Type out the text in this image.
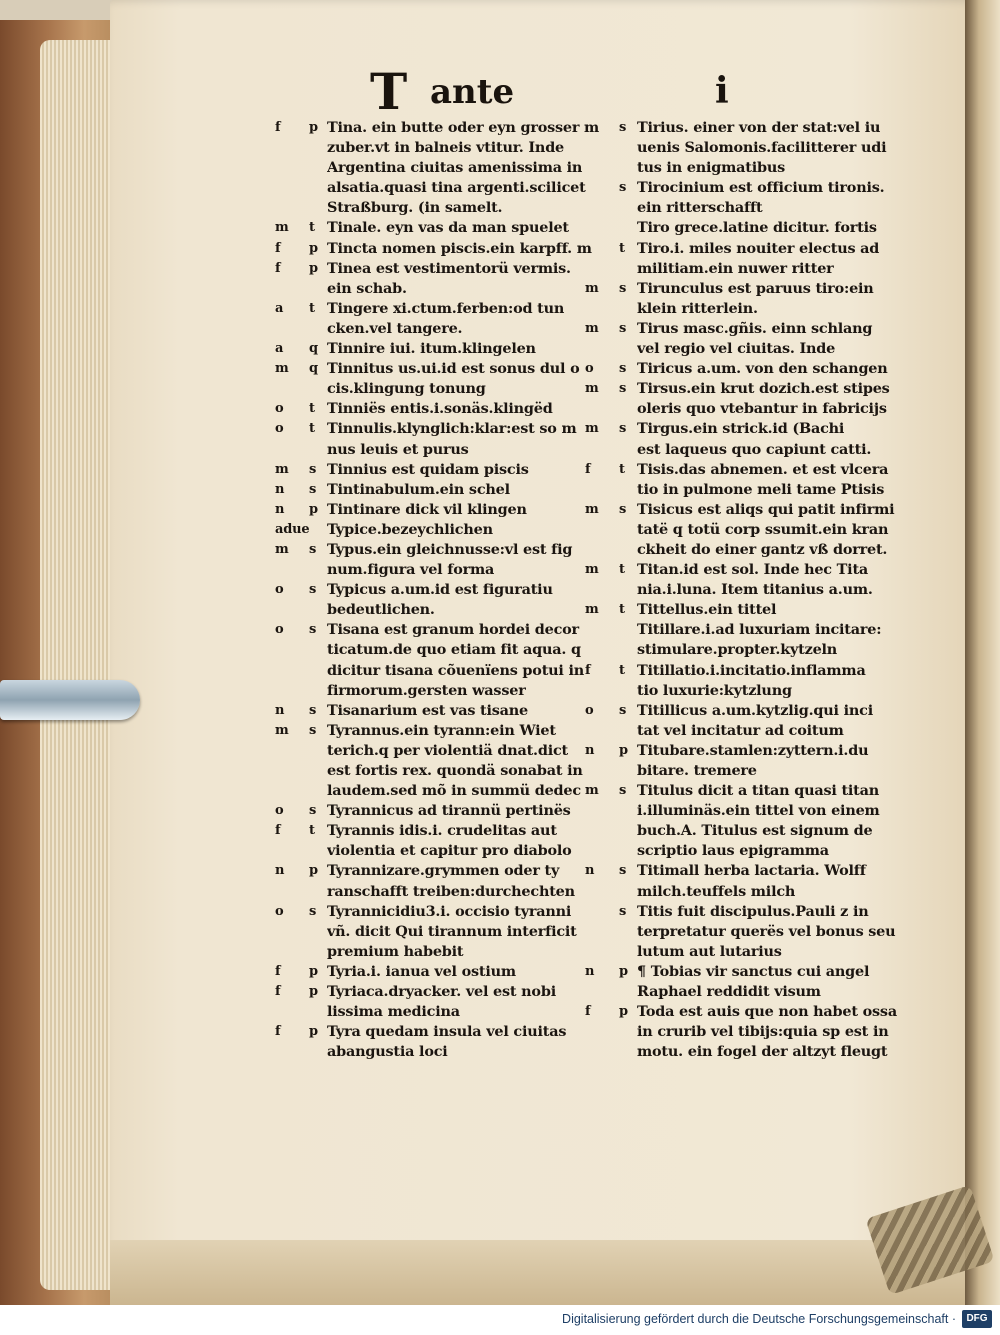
T ante	i
f p Tina. ein butte oder eyn grosser m
zuber.vt in balneis vtitur. Inde
Argentina ciuitas amenissima in
alsatia.quasi tina argenti.scilicet
Straßburg. (in samelt.
m t Tinale. eyn vas da man spuelet
f p Tincta nomen piscis.ein karpff. m
f p Tinea est vestimentorü vermis.
ein schab.
a t Tingere xi.ctum.ferben:od tun
cken.vel tangere.
a q Tinnire iui. itum.klingelen
m q Tinnitus us.ui.id est sonus dul o
cis.klingung tonung
o t Tinniës entis.i.sonäs.klingëd
o t Tinnulis.klynglich:klar:est so m
nus leuis et purus
m s Tinnius est quidam piscis
n s Tintinabulum.ein schel
n p Tintinare dick vil klingen
adue Typice.bezeychlichen
m s Typus.ein gleichnusse:vl est fig
num.figura vel forma
o s Typicus a.um.id est figuratiu
bedeutlichen.
o s Tisana est granum hordei decor
ticatum.de quo etiam fit aqua. q
dicitur tisana cõuenïens potui in
firmorum.gersten wasser
n s Tisanarium est vas tisane
m s Tyrannus.ein tyrann:ein Wiet
terich.q per violentiä dnat.dict
est fortis rex. quondä sonabat in
laudem.sed mõ in summü dedec
o s Tyrannicus ad tirannü pertinës
f t Tyrannis idis.i. crudelitas aut
violentia et capitur pro diabolo
n p Tyrannizare.grymmen oder ty
ranschafft treiben:durchechten
o s Tyrannicidiu3.i. occisio tyranni
vñ. dicit Qui tirannum interficit
premium habebit
f p Tyria.i. ianua vel ostium
f p Tyriaca.dryacker. vel est nobi
lissima medicina
f p Tyra quedam insula vel ciuitas
abangustia loci
s Tirius. einer von der stat:vel iu
uenis Salomonis.facilitterer udi
tus in enigmatibus
s Tirocinium est officium tironis.
ein ritterschafft
Tiro grece.latine dicitur. fortis
t Tiro.i. miles nouiter electus ad
militiam.ein nuwer ritter
m s Tirunculus est paruus tiro:ein
klein ritterlein.
m s Tirus masc.gñis. einn schlang
vel regio vel ciuitas. Inde
o s Tiricus a.um. von den schangen
m s Tirsus.ein krut dozich.est stipes
oleris quo vtebantur in fabricijs
m s Tirgus.ein strick.id (Bachi
est laqueus quo capiunt catti.
f t Tisis.das abnemen. et est vlcera
tio in pulmone meli tame Ptisis
m s Tisicus est aliqs qui patit infirmi
tatë q totü corp ssumit.ein kran
ckheit do einer gantz vß dorret.
m t Titan.id est sol. Inde hec Tita
nia.i.luna. Item titanius a.um.
m t Tittellus.ein tittel
Titillare.i.ad luxuriam incitare:
stimulare.propter.kytzeln
f t Titillatio.i.incitatio.inflamma
tio luxurie:kytzlung
o s Titillicus a.um.kytzlig.qui inci
tat vel incitatur ad coitum
n p Titubare.stamlen:zyttern.i.du
bitare. tremere
m s Titulus dicit a titan quasi titan
i.illuminäs.ein tittel von einem
buch.A. Titulus est signum de
scriptio laus epigramma
n s Titimall herba lactaria. Wolff
milch.teuffels milch
s Titis fuit discipulus.Pauli z in
terpretatur querës vel bonus seu
lutum aut lutarius
n p ¶ Tobias vir sanctus cui angel
Raphael reddidit visum
f p Toda est auis que non habet ossa
in crurib vel tibijs:quia sp est in
motu. ein fogel der altzyt fleugt
Digitalisierung gefördert durch die Deutsche Forschungsgemeinschaft ·	DFG
